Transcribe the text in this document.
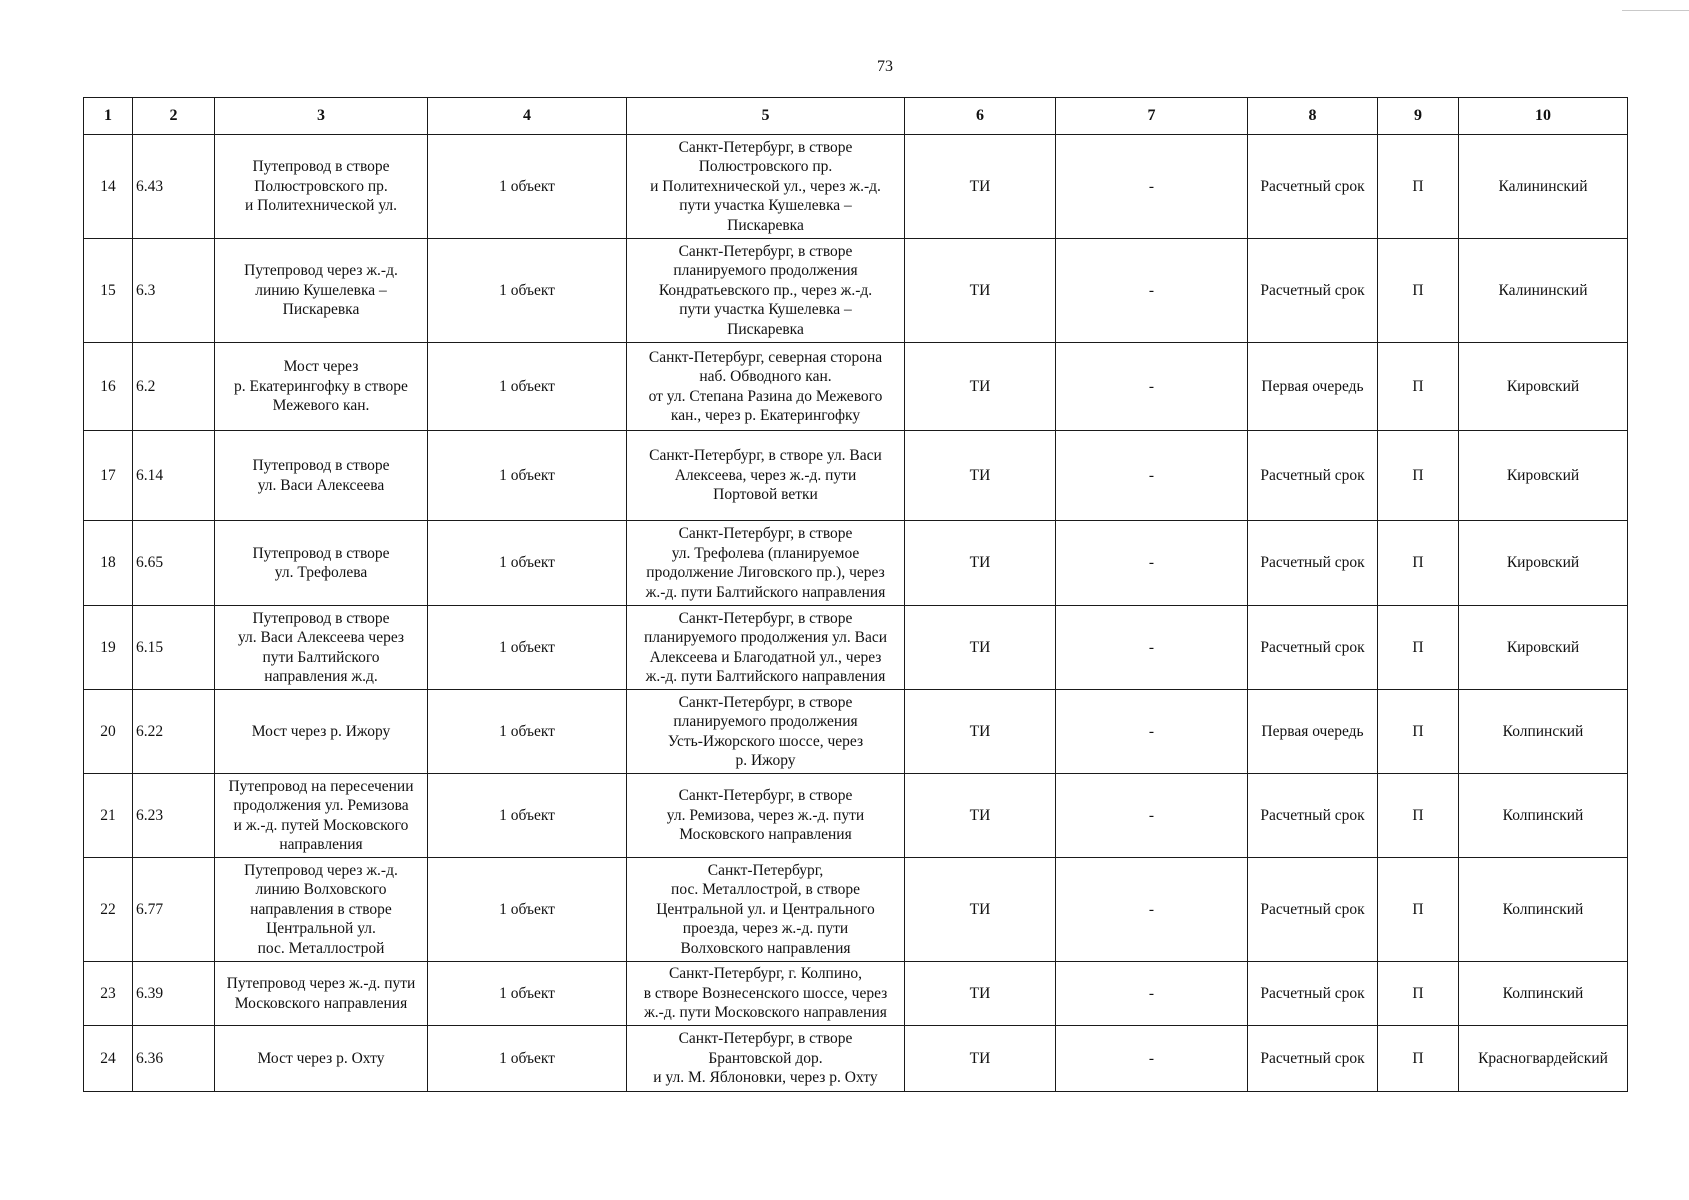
73
1	2	3	4	5	6	7	8	9	10
14	6.43	Путепровод в створе
Полюстровского пр.
и Политехнической ул.	1 объект	Санкт-Петербург, в створе
Полюстровского пр.
и Политехнической ул., через ж.-д.
пути участка Кушелевка –
Пискаревка	ТИ	-	Расчетный срок	П	Калининский
15	6.3	Путепровод через ж.-д.
линию Кушелевка –
Пискаревка	1 объект	Санкт-Петербург, в створе
планируемого продолжения
Кондратьевского пр., через ж.-д.
пути участка Кушелевка –
Пискаревка	ТИ	-	Расчетный срок	П	Калининский
16	6.2	Мост через
р. Екатерингофку в створе
Межевого кан.	1 объект	Санкт-Петербург, северная сторона
наб. Обводного кан.
от ул. Степана Разина до Межевого
кан., через р. Екатерингофку	ТИ	-	Первая очередь	П	Кировский
17	6.14	Путепровод в створе
ул. Васи Алексеева	1 объект	Санкт-Петербург, в створе ул. Васи
Алексеева, через ж.-д. пути
Портовой ветки	ТИ	-	Расчетный срок	П	Кировский
18	6.65	Путепровод в створе
ул. Трефолева	1 объект	Санкт-Петербург, в створе
ул. Трефолева (планируемое
продолжение Лиговского пр.), через
ж.-д. пути Балтийского направления	ТИ	-	Расчетный срок	П	Кировский
19	6.15	Путепровод в створе
ул. Васи Алексеева через
пути Балтийского
направления ж.д.	1 объект	Санкт-Петербург, в створе
планируемого продолжения ул. Васи
Алексеева и Благодатной ул., через
ж.-д. пути Балтийского направления	ТИ	-	Расчетный срок	П	Кировский
20	6.22	Мост через р. Ижору	1 объект	Санкт-Петербург, в створе
планируемого продолжения
Усть-Ижорского шоссе, через
р. Ижору	ТИ	-	Первая очередь	П	Колпинский
21	6.23	Путепровод на пересечении
продолжения ул. Ремизова
и ж.-д. путей Московского
направления	1 объект	Санкт-Петербург, в створе
ул. Ремизова, через ж.-д. пути
Московского направления	ТИ	-	Расчетный срок	П	Колпинский
22	6.77	Путепровод через ж.-д.
линию Волховского
направления в створе
Центральной ул.
пос. Металлострой	1 объект	Санкт-Петербург,
пос. Металлострой, в створе
Центральной ул. и Центрального
проезда, через ж.-д. пути
Волховского направления	ТИ	-	Расчетный срок	П	Колпинский
23	6.39	Путепровод через ж.-д. пути
Московского направления	1 объект	Санкт-Петербург, г. Колпино,
в створе Вознесенского шоссе, через
ж.-д. пути Московского направления	ТИ	-	Расчетный срок	П	Колпинский
24	6.36	Мост через р. Охту	1 объект	Санкт-Петербург, в створе
Брантовской дор.
и ул. М. Яблоновки, через р. Охту	ТИ	-	Расчетный срок	П	Красногвардейский
